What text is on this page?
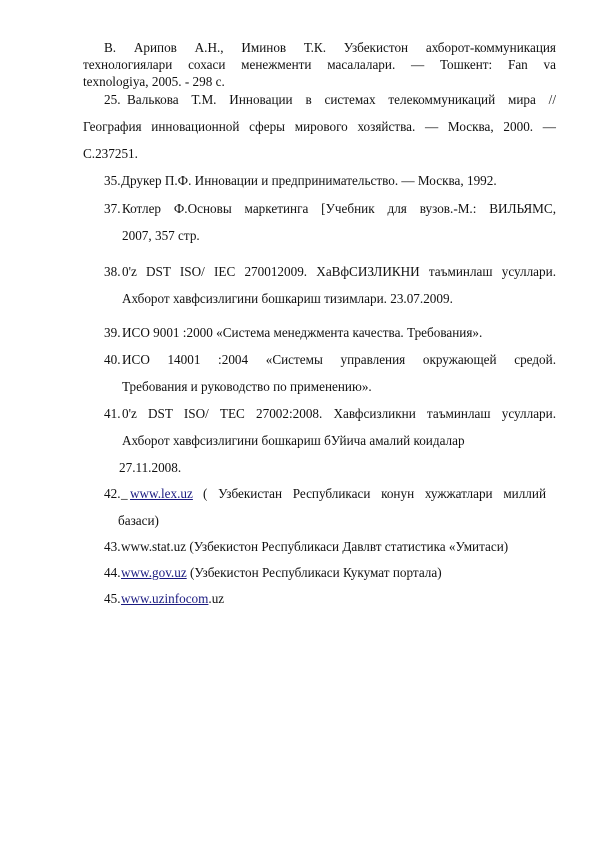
В. Арипов А.Н., Иминов Т.К. Узбекистон ахборот-коммуникация
технологиялари сохаси менежменти масалалари. — Тошкент: Fan va
texnologiya, 2005. - 298 с.
25. Валькова Т.М. Инновации в системах телекоммуникаций мира //
География инновационной сферы мирового хозяйства. — Москва, 2000. —
С.237251.
35. Друкер П.Ф. Инновации и предпринимательство. — Москва, 1992.
37. Котлер Ф.Основы маркетинга [Учебник для вузов.-М.: ВИЛЬЯМС,
2007, 357 стр.
38. 0'z DST ISO/ IEC 270012009. ХаВфСИЗЛИКНИ таъминлаш усуллари.
Ахборот хавфсизлигини бошкариш тизимлари. 23.07.2009.
39. ИСО 9001 :2000 «Система менеджмента качества. Требования».
40. ИСО 14001 :2004 «Системы управления окружающей средой.
Требования и руководство по применению».
41. 0'z DST ISO/ ТЕС 27002:2008. Хавфсизликни таъминлаш усуллари.
Ахборот хавфсизлигини бошкариш бУйича амалий коидалар
27.11.2008.
42. _ www.lex.uz ( Узбекистан Республикаси конун хужжатлари миллий
базаси)
43. www.stat.uz (Узбекистон Республикаси Давлвт статистика «Умитаси)
44. www.gov.uz (Узбекистон Республикаси Кукумат портала)
45. www.uzinfocom.uz
